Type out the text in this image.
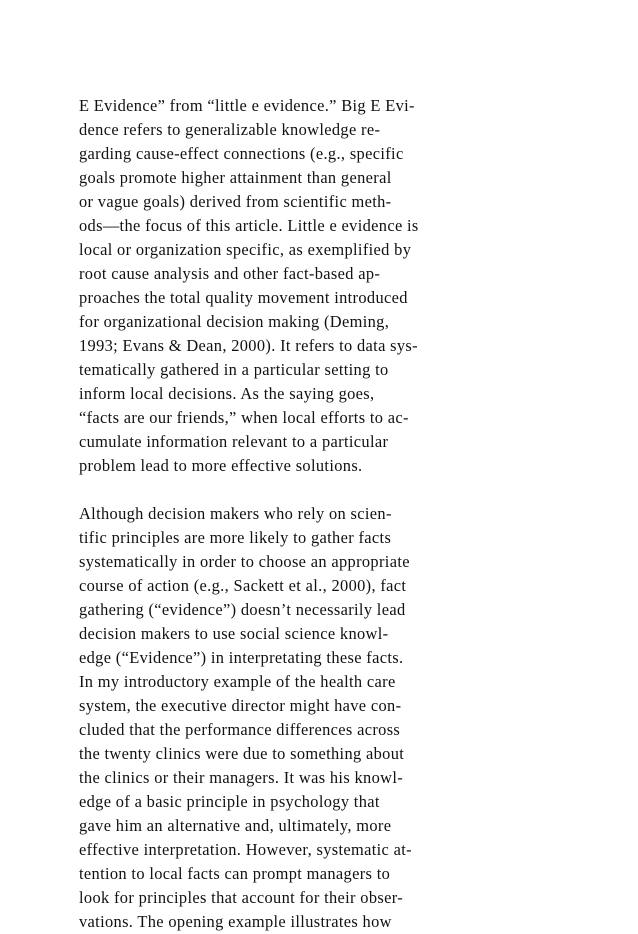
E Evidence” from “little e evidence.” Big E Evi-
dence refers to generalizable knowledge re-
garding cause-effect connections (e.g., specific
goals promote higher attainment than general
or vague goals) derived from scientific meth-
ods—the focus of this article. Little e evidence is
local or organization specific, as exemplified by
root cause analysis and other fact-based ap-
proaches the total quality movement introduced
for organizational decision making (Deming,
1993; Evans & Dean, 2000). It refers to data sys-
tematically gathered in a particular setting to
inform local decisions. As the saying goes,
“facts are our friends,” when local efforts to ac-
cumulate information relevant to a particular
problem lead to more effective solutions.
Although decision makers who rely on scien-
tific principles are more likely to gather facts
systematically in order to choose an appropriate
course of action (e.g., Sackett et al., 2000), fact
gathering (“evidence”) doesn’t necessarily lead
decision makers to use social science knowl-
edge (“Evidence”) in interpretating these facts.
In my introductory example of the health care
system, the executive director might have con-
cluded that the performance differences across
the twenty clinics were due to something about
the clinics or their managers. It was his knowl-
edge of a basic principle in psychology that
gave him an alternative and, ultimately, more
effective interpretation. However, systematic at-
tention to local facts can prompt managers to
look for principles that account for their obser-
vations. The opening example illustrates how
